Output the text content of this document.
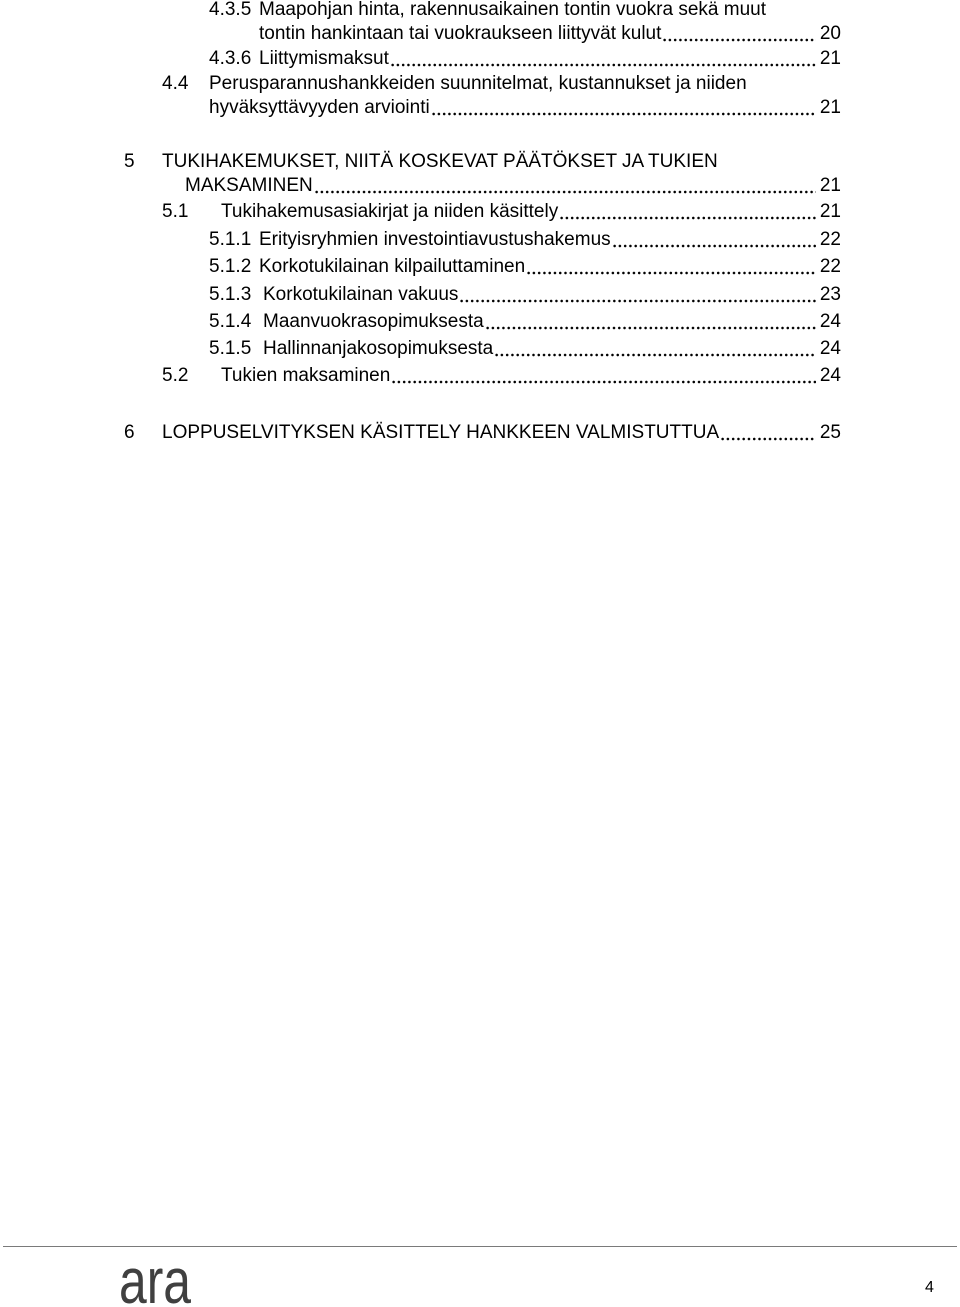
4.3.5 Maapohjan hinta, rakennusaikainen tontin vuokra sekä muut
tontin hankintaan tai vuokraukseen liittyvät kulut	20
4.3.6 Liittymismaksut	21
4.4 Perusparannushankkeiden suunnitelmat, kustannukset ja niiden
hyväksyttävyyden arviointi	21
5 TUKIHAKEMUKSET, NIITÄ KOSKEVAT PÄÄTÖKSET JA TUKIEN
MAKSAMINEN	21
5.1 Tukihakemusasiakirjat ja niiden käsittely	21
5.1.1 Erityisryhmien investointiavustushakemus	22
5.1.2 Korkotukilainan kilpailuttaminen	22
5.1.3 Korkotukilainan vakuus	23
5.1.4 Maanvuokrasopimuksesta	24
5.1.5 Hallinnanjakosopimuksesta	24
5.2 Tukien maksaminen	24
6 LOPPUSELVITYKSEN KÄSITTELY HANKKEEN VALMISTUTTUA	25
ara	4
